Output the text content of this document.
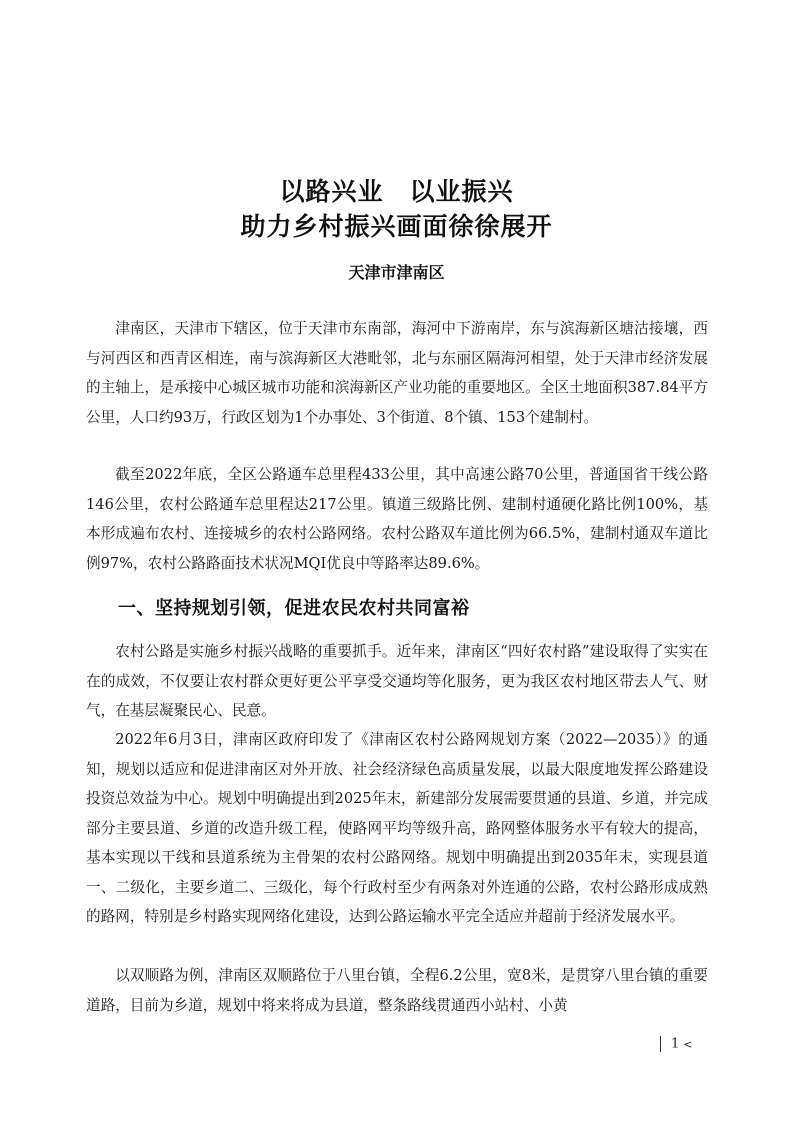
以路兴业　以业振兴
助力乡村振兴画面徐徐展开
天津市津南区

津南区，天津市下辖区，位于天津市东南部，海河中下游南岸，东与滨海新区塘沽接壤，西与河西区和西青区相连，南与滨海新区大港毗邻，北与东丽区隔海河相望，处于天津市经济发展的主轴上，是承接中心城区城市功能和滨海新区产业功能的重要地区。全区土地面积387.84平方公里，人口约93万，行政区划为1个办事处、3个街道、8个镇、153个建制村。

截至2022年底，全区公路通车总里程433公里，其中高速公路70公里，普通国省干线公路146公里，农村公路通车总里程达217公里。镇道三级路比例、建制村通硬化路比例100%，基本形成遍布农村、连接城乡的农村公路网络。农村公路双车道比例为66.5%，建制村通双车道比例97%，农村公路路面技术状况MQI优良中等路率达89.6%。

一、坚持规划引领，促进农民农村共同富裕

农村公路是实施乡村振兴战略的重要抓手。近年来，津南区“四好农村路”建设取得了实实在在的成效，不仅要让农村群众更好更公平享受交通均等化服务，更为我区农村地区带去人气、财气，在基层凝聚民心、民意。

2022年6月3日，津南区政府印发了《津南区农村公路网规划方案（2022—2035）》的通知，规划以适应和促进津南区对外开放、社会经济绿色高质量发展，以最大限度地发挥公路建设投资总效益为中心。规划中明确提出到2025年末，新建部分发展需要贯通的县道、乡道，并完成部分主要县道、乡道的改造升级工程，使路网平均等级升高，路网整体服务水平有较大的提高，基本实现以干线和县道系统为主骨架的农村公路网络。规划中明确提出到2035年末，实现县道一、二级化，主要乡道二、三级化，每个行政村至少有两条对外连通的公路，农村公路形成成熟的路网，特别是乡村路实现网络化建设，达到公路运输水平完全适应并超前于经济发展水平。

以双顺路为例，津南区双顺路位于八里台镇，全程6.2公里，宽8米，是贯穿八里台镇的重要道路，目前为乡道，规划中将来将成为县道，整条路线贯通西小站村、小黄

1 <
